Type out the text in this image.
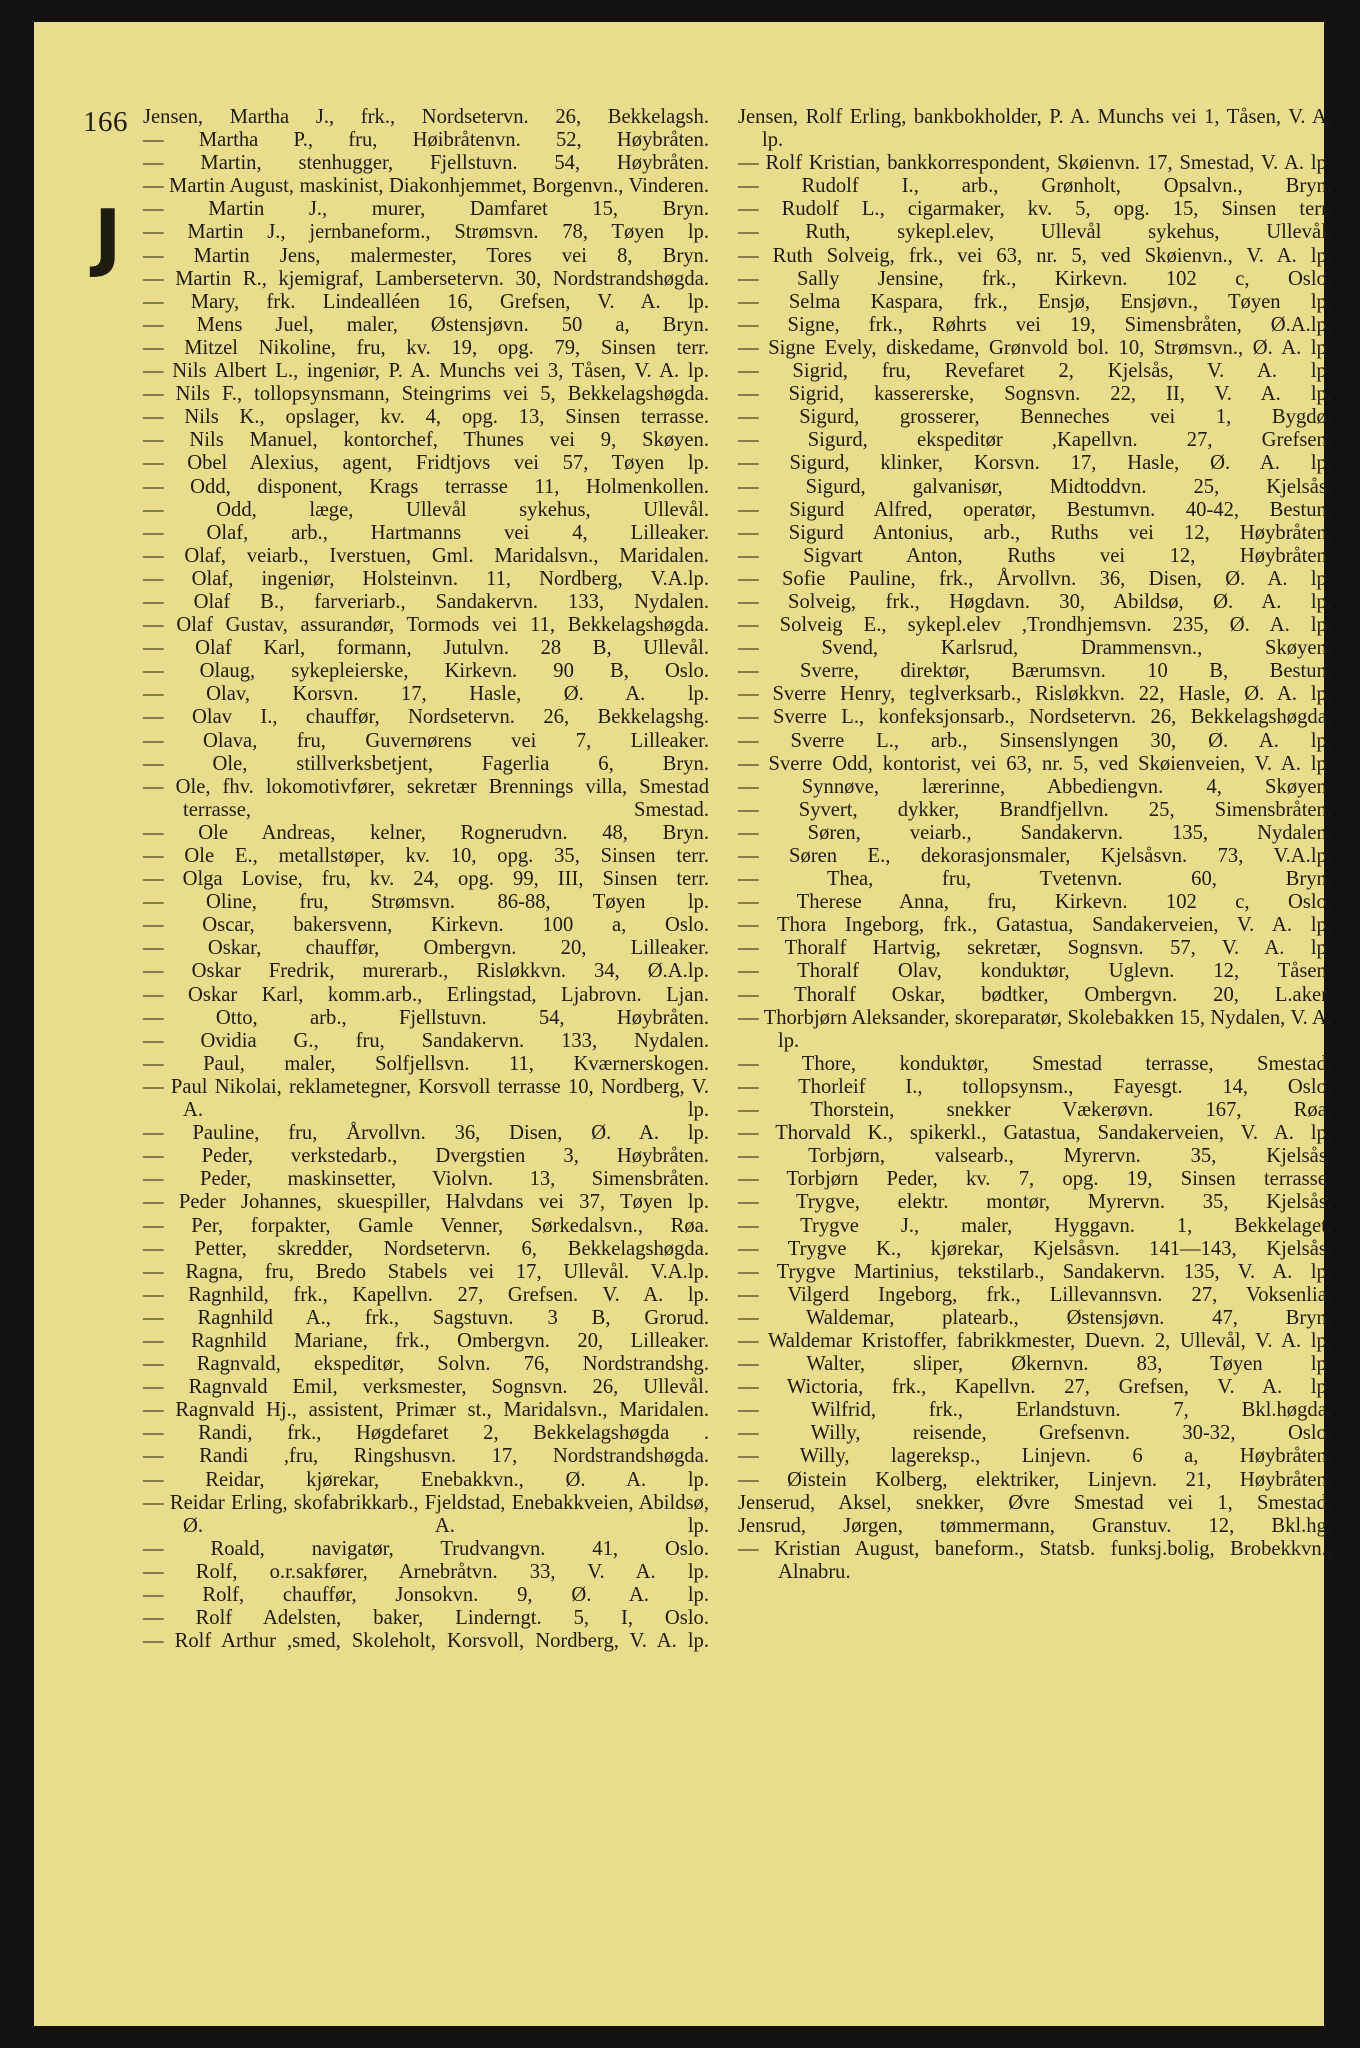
166
J
Jensen, Martha J., frk., Nordsetervn. 26, Bekkelagsh.
— Martha P., fru, Høibråtenvn. 52, Høybråten.
— Martin, stenhugger, Fjellstuvn. 54, Høybråten.
— Martin August, maskinist, Diakonhjemmet, Borgenvn., Vinderen.
— Martin J., murer, Damfaret 15, Bryn.
— Martin J., jernbaneform., Strømsvn. 78, Tøyen lp.
— Martin Jens, malermester, Tores vei 8, Bryn.
— Martin R., kjemigraf, Lambersetervn. 30, Nordstrandshøgda.
— Mary, frk. Lindealléen 16, Grefsen, V. A. lp.
— Mens Juel, maler, Østensjøvn. 50 a, Bryn.
— Mitzel Nikoline, fru, kv. 19, opg. 79, Sinsen terr.
— Nils Albert L., ingeniør, P. A. Munchs vei 3, Tåsen, V. A. lp.
— Nils F., tollopsynsmann, Steingrims vei 5, Bekkelagshøgda.
— Nils K., opslager, kv. 4, opg. 13, Sinsen terrasse.
— Nils Manuel, kontorchef, Thunes vei 9, Skøyen.
— Obel Alexius, agent, Fridtjovs vei 57, Tøyen lp.
— Odd, disponent, Krags terrasse 11, Holmenkollen.
— Odd, læge, Ullevål sykehus, Ullevål.
— Olaf, arb., Hartmanns vei 4, Lilleaker.
— Olaf, veiarb., Iverstuen, Gml. Maridalsvn., Maridalen.
— Olaf, ingeniør, Holsteinvn. 11, Nordberg, V.A.lp.
— Olaf B., farveriarb., Sandakervn. 133, Nydalen.
— Olaf Gustav, assurandør, Tormods vei 11, Bekkelagshøgda.
— Olaf Karl, formann, Jutulvn. 28 B, Ullevål.
— Olaug, sykepleierske, Kirkevn. 90 B, Oslo.
— Olav, Korsvn. 17, Hasle, Ø. A. lp.
— Olav I., chauffør, Nordsetervn. 26, Bekkelagshg.
— Olava, fru, Guvernørens vei 7, Lilleaker.
— Ole, stillverksbetjent, Fagerlia 6, Bryn.
— Ole, fhv. lokomotivfører, sekretær Brennings villa, Smestad terrasse, Smestad.
— Ole Andreas, kelner, Rognerudvn. 48, Bryn.
— Ole E., metallstøper, kv. 10, opg. 35, Sinsen terr.
— Olga Lovise, fru, kv. 24, opg. 99, III, Sinsen terr.
— Oline, fru, Strømsvn. 86-88, Tøyen lp.
— Oscar, bakersvenn, Kirkevn. 100 a, Oslo.
— Oskar, chauffør, Ombergvn. 20, Lilleaker.
— Oskar Fredrik, murerarb., Risløkkvn. 34, Ø.A.lp.
— Oskar Karl, komm.arb., Erlingstad, Ljabrovn. Ljan.
— Otto, arb., Fjellstuvn. 54, Høybråten.
— Ovidia G., fru, Sandakervn. 133, Nydalen.
— Paul, maler, Solfjellsvn. 11, Kværnerskogen.
— Paul Nikolai, reklametegner, Korsvoll terrasse 10, Nordberg, V. A. lp.
— Pauline, fru, Årvollvn. 36, Disen, Ø. A. lp.
— Peder, verkstedarb., Dvergstien 3, Høybråten.
— Peder, maskinsetter, Violvn. 13, Simensbråten.
— Peder Johannes, skuespiller, Halvdans vei 37, Tøyen lp.
— Per, forpakter, Gamle Venner, Sørkedalsvn., Røa.
— Petter, skredder, Nordsetervn. 6, Bekkelagshøgda.
— Ragna, fru, Bredo Stabels vei 17, Ullevål. V.A.lp.
— Ragnhild, frk., Kapellvn. 27, Grefsen. V. A. lp.
— Ragnhild A., frk., Sagstuvn. 3 B, Grorud.
— Ragnhild Mariane, frk., Ombergvn. 20, Lilleaker.
— Ragnvald, ekspeditør, Solvn. 76, Nordstrandshg.
— Ragnvald Emil, verksmester, Sognsvn. 26, Ullevål.
— Ragnvald Hj., assistent, Primær st., Maridalsvn., Maridalen.
— Randi, frk., Høgdefaret 2, Bekkelagshøgda .
— Randi ,fru, Ringshusvn. 17, Nordstrandshøgda.
— Reidar, kjørekar, Enebakkvn., Ø. A. lp.
— Reidar Erling, skofabrikkarb., Fjeldstad, Enebakkveien, Abildsø, Ø. A. lp.
— Roald, navigatør, Trudvangvn. 41, Oslo.
— Rolf, o.r.sakfører, Arnebråtvn. 33, V. A. lp.
— Rolf, chauffør, Jonsokvn. 9, Ø. A. lp.
— Rolf Adelsten, baker, Linderngt. 5, I, Oslo.
— Rolf Arthur ,smed, Skoleholt, Korsvoll, Nordberg, V. A. lp.
Jensen, Rolf Erling, bankbokholder, P. A. Munchs vei 1, Tåsen, V. A. lp.
— Rolf Kristian, bankkorrespondent, Skøienvn. 17, Smestad, V. A. lp.
— Rudolf I., arb., Grønholt, Opsalvn., Bryn.
— Rudolf L., cigarmaker, kv. 5, opg. 15, Sinsen terr.
— Ruth, sykepl.elev, Ullevål sykehus, Ullevål.
— Ruth Solveig, frk., vei 63, nr. 5, ved Skøienvn., V. A. lp.
— Sally Jensine, frk., Kirkevn. 102 c, Oslo.
— Selma Kaspara, frk., Ensjø, Ensjøvn., Tøyen lp.
— Signe, frk., Røhrts vei 19, Simensbråten, Ø.A.lp.
— Signe Evely, diskedame, Grønvold bol. 10, Strømsvn., Ø. A. lp.
— Sigrid, fru, Revefaret 2, Kjelsås, V. A. lp.
— Sigrid, kassererske, Sognsvn. 22, II, V. A. lp.
— Sigurd, grosserer, Benneches vei 1, Bygdø.
— Sigurd, ekspeditør ,Kapellvn. 27, Grefsen.
— Sigurd, klinker, Korsvn. 17, Hasle, Ø. A. lp.
— Sigurd, galvanisør, Midtoddvn. 25, Kjelsås.
— Sigurd Alfred, operatør, Bestumvn. 40-42, Bestun.
— Sigurd Antonius, arb., Ruths vei 12, Høybråten.
— Sigvart Anton, Ruths vei 12, Høybråten.
— Sofie Pauline, frk., Årvollvn. 36, Disen, Ø. A. lp.
— Solveig, frk., Høgdavn. 30, Abildsø, Ø. A. lp.
— Solveig E., sykepl.elev ,Trondhjemsvn. 235, Ø. A. lp.
— Svend, Karlsrud, Drammensvn., Skøyen.
— Sverre, direktør, Bærumsvn. 10 B, Bestun.
— Sverre Henry, teglverksarb., Risløkkvn. 22, Hasle, Ø. A. lp.
— Sverre L., konfeksjonsarb., Nordsetervn. 26, Bekkelagshøgda.
— Sverre L., arb., Sinsenslyngen 30, Ø. A. lp.
— Sverre Odd, kontorist, vei 63, nr. 5, ved Skøienveien, V. A. lp.
— Synnøve, lærerinne, Abbediengvn. 4, Skøyen.
— Syvert, dykker, Brandfjellvn. 25, Simensbråten.
— Søren, veiarb., Sandakervn. 135, Nydalen.
— Søren E., dekorasjonsmaler, Kjelsåsvn. 73, V.A.lp.
— Thea, fru, Tvetenvn. 60, Bryn.
— Therese Anna, fru, Kirkevn. 102 c, Oslo.
— Thora Ingeborg, frk., Gatastua, Sandakerveien, V. A. lp.
— Thoralf Hartvig, sekretær, Sognsvn. 57, V. A. lp.
— Thoralf Olav, konduktør, Uglevn. 12, Tåsen.
— Thoralf Oskar, bødtker, Ombergvn. 20, L.aker.
— Thorbjørn Aleksander, skoreparatør, Skolebakken 15, Nydalen, V. A. lp.
— Thore, konduktør, Smestad terrasse, Smestad.
— Thorleif I., tollopsynsm., Fayesgt. 14, Oslo.
— Thorstein, snekker Vækerøvn. 167, Røa.
— Thorvald K., spikerkl., Gatastua, Sandakerveien, V. A. lp.
— Torbjørn, valsearb., Myrervn. 35, Kjelsås.
— Torbjørn Peder, kv. 7, opg. 19, Sinsen terrasse.
— Trygve, elektr. montør, Myrervn. 35, Kjelsås.
— Trygve J., maler, Hyggavn. 1, Bekkelaget.
— Trygve K., kjørekar, Kjelsåsvn. 141—143, Kjelsås.
— Trygve Martinius, tekstilarb., Sandakervn. 135, V. A. lp.
— Vilgerd Ingeborg, frk., Lillevannsvn. 27, Voksenlia.
— Waldemar, platearb., Østensjøvn. 47, Bryn.
— Waldemar Kristoffer, fabrikkmester, Duevn. 2, Ullevål, V. A. lp.
— Walter, sliper, Økernvn. 83, Tøyen lp.
— Wictoria, frk., Kapellvn. 27, Grefsen, V. A. lp.
— Wilfrid, frk., Erlandstuvn. 7, Bkl.høgda.
— Willy, reisende, Grefsenvn. 30-32, Oslo.
— Willy, lagereksp., Linjevn. 6 a, Høybråten.
— Øistein Kolberg, elektriker, Linjevn. 21, Høybråten.
Jenserud, Aksel, snekker, Øvre Smestad vei 1, Smestad.
Jensrud, Jørgen, tømmermann, Granstuv. 12, Bkl.hg.
— Kristian August, baneform., Statsb. funksj.bolig, Brobekkvn., Alnabru.
